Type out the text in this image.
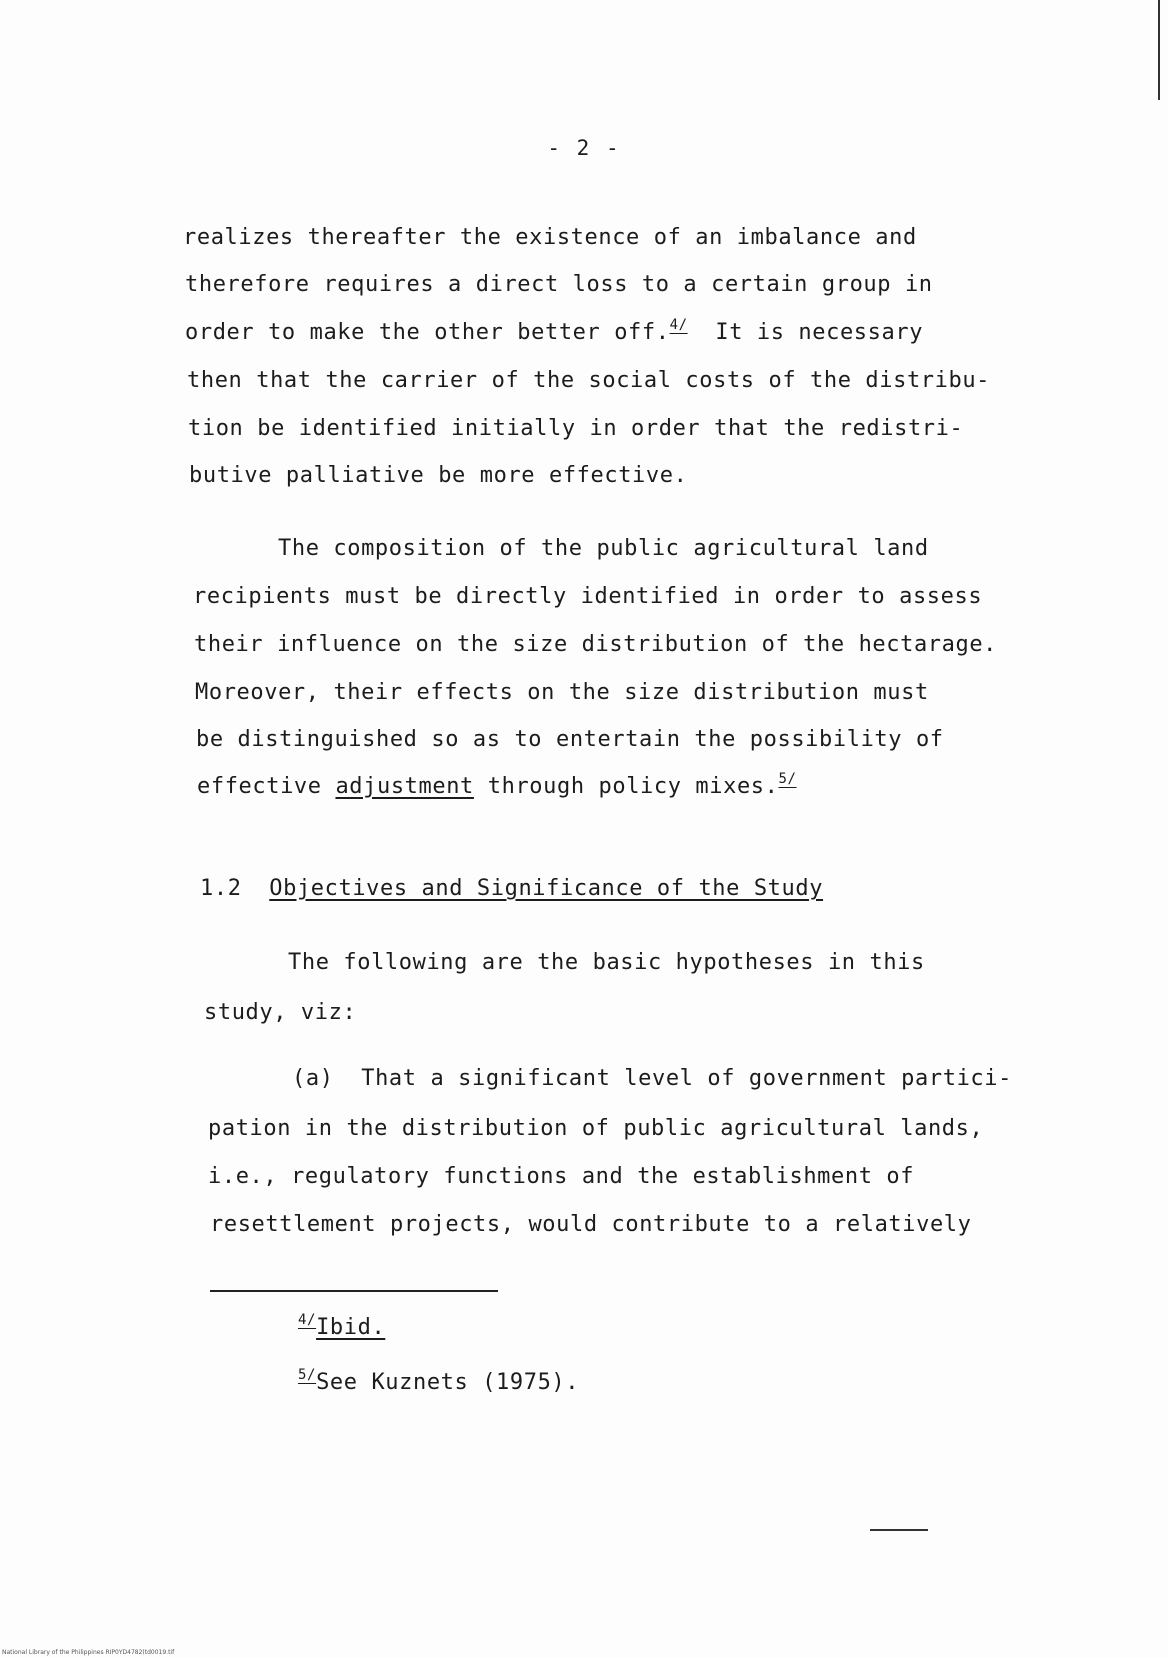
- 2 -
realizes thereafter the existence of an imbalance and
therefore requires a direct loss to a certain group in
order to make the other better off.$^{4/}$ It is necessary
then that the carrier of the social costs of the distribu-
tion be identified initially in order that the redistri-
butive palliative be more effective.
The composition of the public agricultural land
recipients must be directly identified in order to assess
their influence on the size distribution of the hectarage.
Moreover, their effects on the size distribution must
be distinguished so as to entertain the possibility of
effective adjustment through policy mixes.$^{5/}$
1.2 Objectives and Significance of the Study
The following are the basic hypotheses in this
study, viz:
(a)  That a significant level of government partici-
pation in the distribution of public agricultural lands,
i.e., regulatory functions and the establishment of
resettlement projects, would contribute to a relatively
$^{4/}$Ibid.
$^{5/}$See Kuznets (1975).
National Library of the Philippines RIP0YD4782(td0019.tif
